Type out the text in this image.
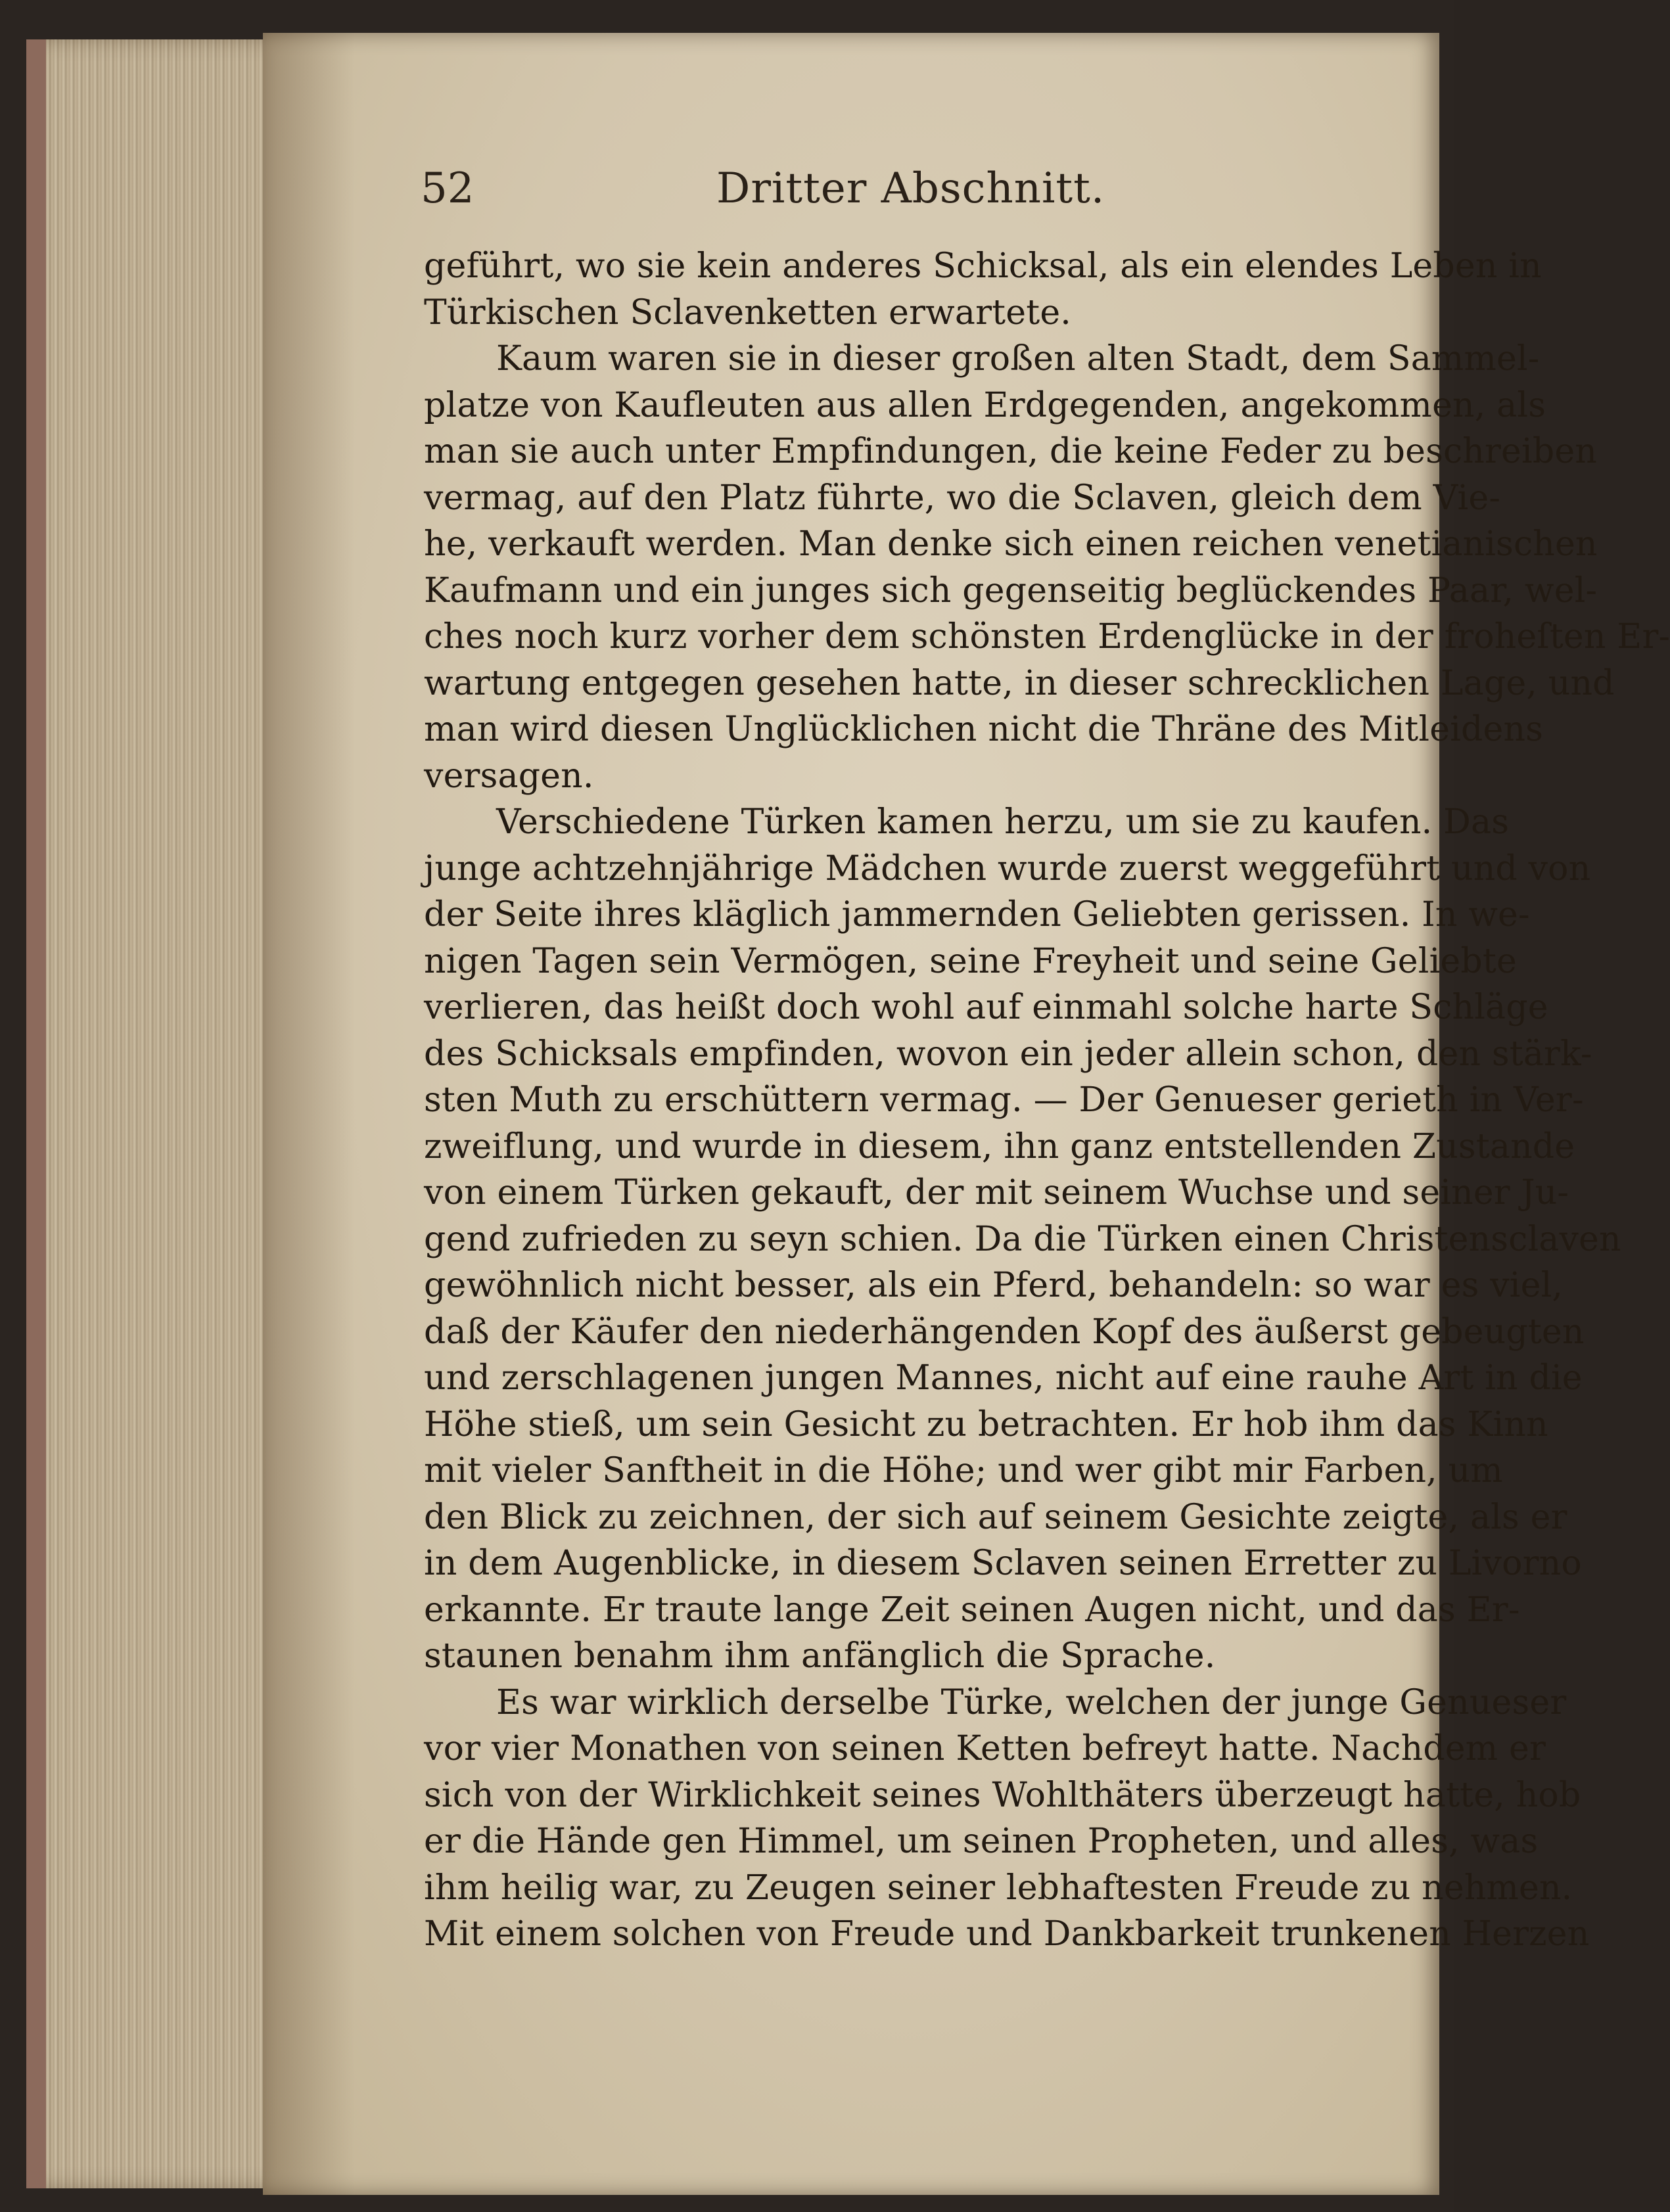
52	Dritter Abschnitt.
geführt, wo sie kein anderes Schicksal, als ein elendes Leben in
Türkischen Sclavenketten erwartete.
Kaum waren sie in dieser großen alten Stadt, dem Sammel-
platze von Kaufleuten aus allen Erdgegenden, angekommen, als
man sie auch unter Empfindungen, die keine Feder zu beschreiben
vermag, auf den Platz führte, wo die Sclaven, gleich dem Vie-
he, verkauft werden. Man denke sich einen reichen venetianischen
Kaufmann und ein junges sich gegenseitig beglückendes Paar, wel-
ches noch kurz vorher dem schönsten Erdenglücke in der froheſten Er-
wartung entgegen gesehen hatte, in dieser schrecklichen Lage, und
man wird diesen Unglücklichen nicht die Thräne des Mitleidens
versagen.
Verschiedene Türken kamen herzu, um sie zu kaufen. Das
junge achtzehnjährige Mädchen wurde zuerst weggeführt und von
der Seite ihres kläglich jammernden Geliebten gerissen. In we-
nigen Tagen sein Vermögen, seine Freyheit und seine Geliebte
verlieren, das heißt doch wohl auf einmahl solche harte Schläge
des Schicksals empfinden, wovon ein jeder allein schon, den stärk-
sten Muth zu erschüttern vermag. — Der Genueser gerieth in Ver-
zweiflung, und wurde in diesem, ihn ganz entstellenden Zustande
von einem Türken gekauft, der mit seinem Wuchse und seiner Ju-
gend zufrieden zu seyn schien. Da die Türken einen Christensclaven
gewöhnlich nicht besser, als ein Pferd, behandeln: so war es viel,
daß der Käufer den niederhängenden Kopf des äußerst gebeugten
und zerschlagenen jungen Mannes, nicht auf eine rauhe Art in die
Höhe stieß, um sein Gesicht zu betrachten. Er hob ihm das Kinn
mit vieler Sanftheit in die Höhe; und wer gibt mir Farben, um
den Blick zu zeichnen, der sich auf seinem Gesichte zeigte, als er
in dem Augenblicke, in diesem Sclaven seinen Erretter zu Livorno
erkannte. Er traute lange Zeit seinen Augen nicht, und das Er-
staunen benahm ihm anfänglich die Sprache.
Es war wirklich derselbe Türke, welchen der junge Genueser
vor vier Monathen von seinen Ketten befreyt hatte. Nachdem er
sich von der Wirklichkeit seines Wohlthäters überzeugt hatte, hob
er die Hände gen Himmel, um seinen Propheten, und alles, was
ihm heilig war, zu Zeugen seiner lebhaftesten Freude zu nehmen.
Mit einem solchen von Freude und Dankbarkeit trunkenen Herzen
